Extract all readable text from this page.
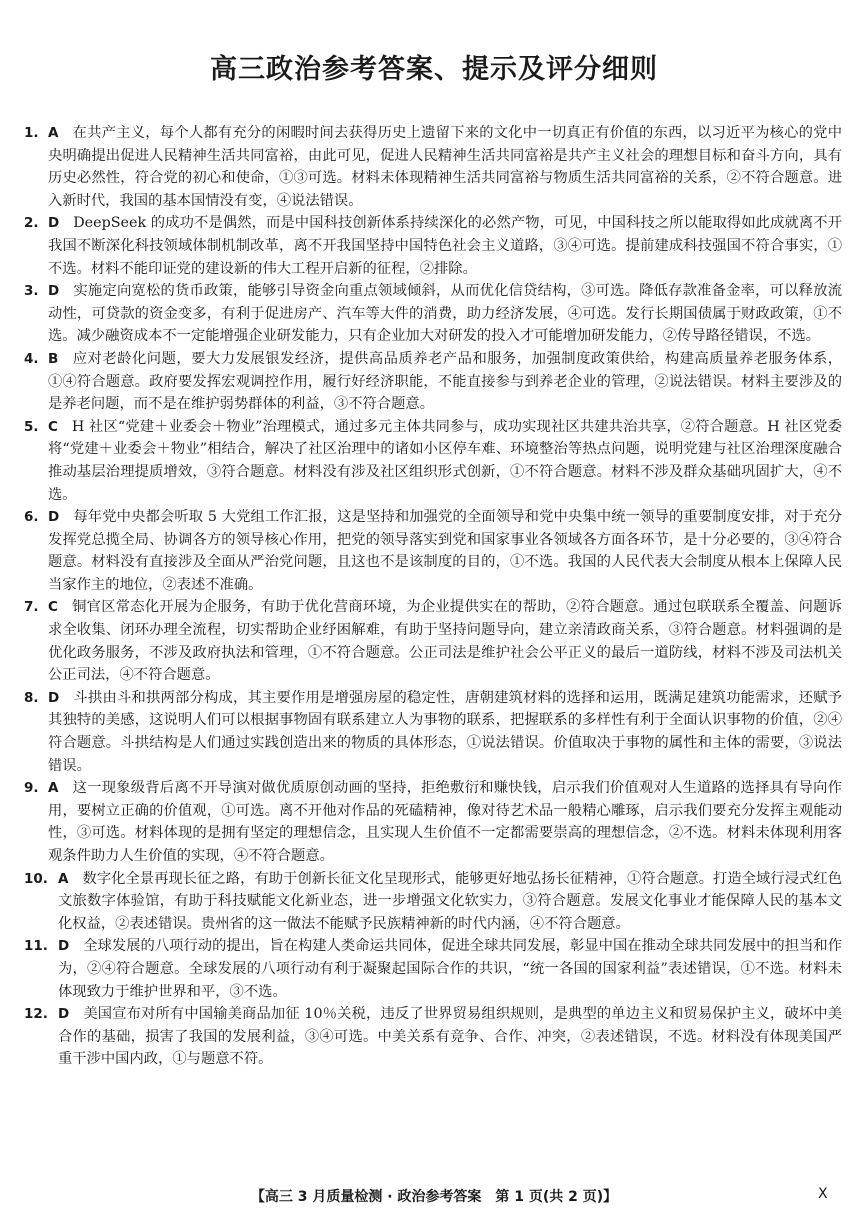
高三政治参考答案、提示及评分细则
1. A 在共产主义，每个人都有充分的闲暇时间去获得历史上遗留下来的文化中一切真正有价值的东西，以习近平为核心的党中央明确提出促进人民精神生活共同富裕，由此可见，促进人民精神生活共同富裕是共产主义社会的理想目标和奋斗方向，具有历史必然性，符合党的初心和使命，①③可选。材料未体现精神生活共同富裕与物质生活共同富裕的关系，②不符合题意。进入新时代，我国的基本国情没有变，④说法错误。
2. D DeepSeek 的成功不是偶然，而是中国科技创新体系持续深化的必然产物，可见，中国科技之所以能取得如此成就离不开我国不断深化科技领域体制机制改革，离不开我国坚持中国特色社会主义道路，③④可选。提前建成科技强国不符合事实，①不选。材料不能印证党的建设新的伟大工程开启新的征程，②排除。
3. D 实施定向宽松的货币政策，能够引导资金向重点领域倾斜，从而优化信贷结构，③可选。降低存款准备金率，可以释放流动性，可贷款的资金变多，有利于促进房产、汽车等大件的消费，助力经济发展，④可选。发行长期国债属于财政政策，①不选。减少融资成本不一定能增强企业研发能力，只有企业加大对研发的投入才可能增加研发能力，②传导路径错误，不选。
4. B 应对老龄化问题，要大力发展银发经济，提供高品质养老产品和服务，加强制度政策供给，构建高质量养老服务体系，①④符合题意。政府要发挥宏观调控作用，履行好经济职能，不能直接参与到养老企业的管理，②说法错误。材料主要涉及的是养老问题，而不是在维护弱势群体的利益，③不符合题意。
5. C H 社区“党建＋业委会＋物业”治理模式，通过多元主体共同参与，成功实现社区共建共治共享，②符合题意。H 社区党委将“党建＋业委会＋物业”相结合，解决了社区治理中的诸如小区停车难、环境整治等热点问题，说明党建与社区治理深度融合推动基层治理提质增效，③符合题意。材料没有涉及社区组织形式创新，①不符合题意。材料不涉及群众基础巩固扩大，④不选。
6. D 每年党中央都会听取 5 大党组工作汇报，这是坚持和加强党的全面领导和党中央集中统一领导的重要制度安排，对于充分发挥党总揽全局、协调各方的领导核心作用，把党的领导落实到党和国家事业各领域各方面各环节，是十分必要的，③④符合题意。材料没有直接涉及全面从严治党问题，且这也不是该制度的目的，①不选。我国的人民代表大会制度从根本上保障人民当家作主的地位，②表述不准确。
7. C 铜官区常态化开展为企服务，有助于优化营商环境，为企业提供实在的帮助，②符合题意。通过包联联系全覆盖、问题诉求全收集、闭环办理全流程，切实帮助企业纾困解难，有助于坚持问题导向，建立亲清政商关系，③符合题意。材料强调的是优化政务服务，不涉及政府执法和管理，①不符合题意。公正司法是维护社会公平正义的最后一道防线，材料不涉及司法机关公正司法，④不符合题意。
8. D 斗拱由斗和拱两部分构成，其主要作用是增强房屋的稳定性，唐朝建筑材料的选择和运用，既满足建筑功能需求，还赋予其独特的美感，这说明人们可以根据事物固有联系建立人为事物的联系，把握联系的多样性有利于全面认识事物的价值，②④符合题意。斗拱结构是人们通过实践创造出来的物质的具体形态，①说法错误。价值取决于事物的属性和主体的需要，③说法错误。
9. A 这一现象级背后离不开导演对做优质原创动画的坚持，拒绝敷衍和赚快钱，启示我们价值观对人生道路的选择具有导向作用，要树立正确的价值观，①可选。离不开他对作品的死磕精神，像对待艺术品一般精心雕琢，启示我们要充分发挥主观能动性，③可选。材料体现的是拥有坚定的理想信念，且实现人生价值不一定都需要崇高的理想信念，②不选。材料未体现利用客观条件助力人生价值的实现，④不符合题意。
10. A 数字化全景再现长征之路，有助于创新长征文化呈现形式，能够更好地弘扬长征精神，①符合题意。打造全域行浸式红色文旅数字体验馆，有助于科技赋能文化新业态，进一步增强文化软实力，③符合题意。发展文化事业才能保障人民的基本文化权益，②表述错误。贵州省的这一做法不能赋予民族精神新的时代内涵，④不符合题意。
11. D 全球发展的八项行动的提出，旨在构建人类命运共同体，促进全球共同发展，彰显中国在推动全球共同发展中的担当和作为，②④符合题意。全球发展的八项行动有利于凝聚起国际合作的共识，“统一各国的国家利益”表述错误，①不选。材料未体现致力于维护世界和平，③不选。
12. D 美国宣布对所有中国输美商品加征 10％关税，违反了世界贸易组织规则，是典型的单边主义和贸易保护主义，破坏中美合作的基础，损害了我国的发展利益，③④可选。中美关系有竞争、合作、冲突，②表述错误，不选。材料没有体现美国严重干涉中国内政，①与题意不符。
【高三 3 月质量检测 · 政治参考答案　第 1 页(共 2 页)】	X
